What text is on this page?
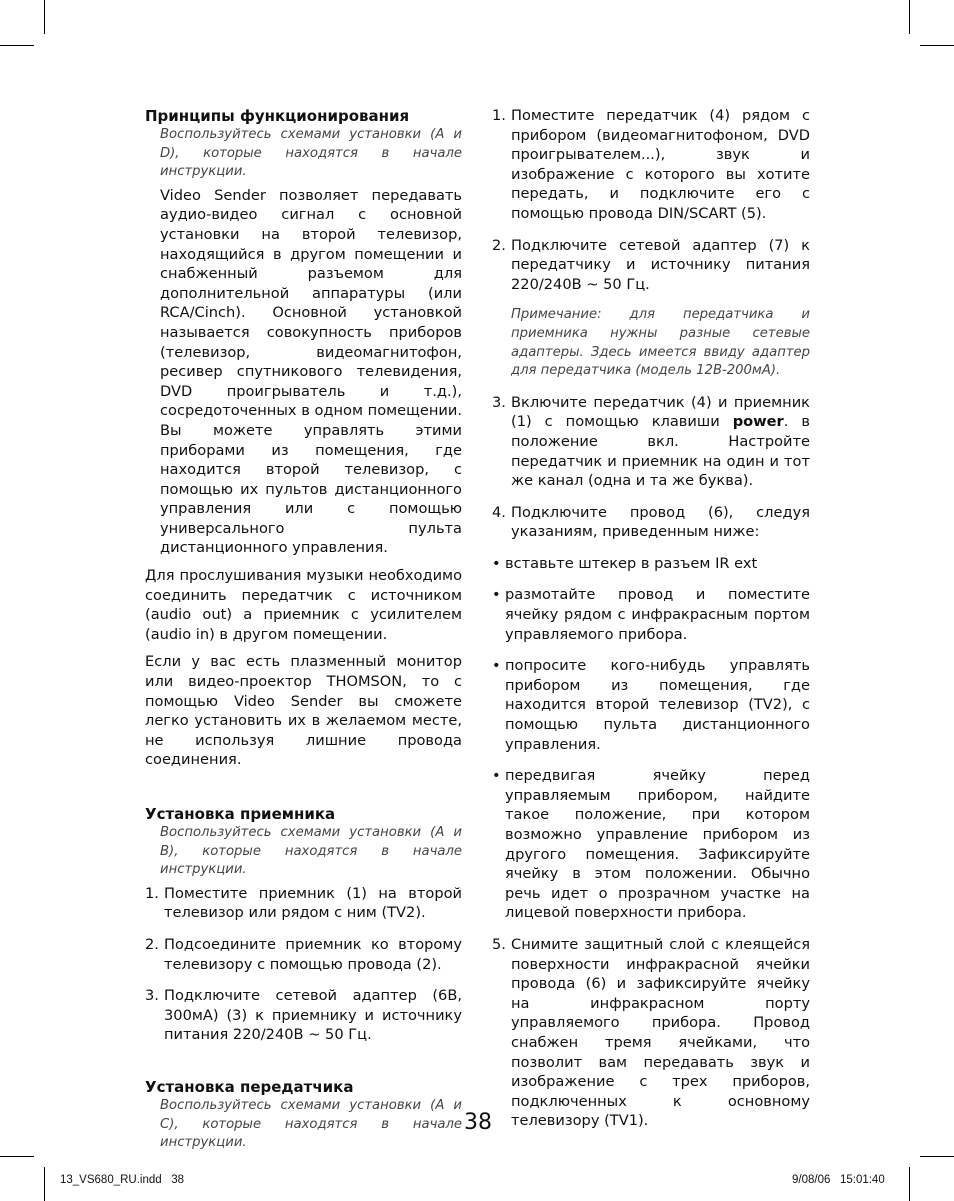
Принципы функционирования

Воспользуйтесь схемами установки (A и D), которые находятся в начале инструкции.

Video Sender позволяет передавать аудио-видео сигнал с основной установки на второй телевизор, находящийся в другом помещении и снабженный разъемом для дополнительной аппаратуры (или RCA/Cinch). Основной установкой называется совокупность приборов (телевизор, видеомагнитофон, ресивер спутникового телевидения, DVD проигрыватель и т.д.), сосредоточенных в одном помещении. Вы можете управлять этими приборами из помещения, где находится второй телевизор, с помощью их пультов дистанционного управления или с помощью универсального пульта дистанционного управления.

Для прослушивания музыки необходимо соединить передатчик с источником (audio out) а приемник с усилителем (audio in) в другом помещении.

Если у вас есть плазменный монитор или видео-проектор THOMSON, то с помощью Video Sender вы сможете легко установить их в желаемом месте, не используя лишние провода соединения.

Установка приемника

Воспользуйтесь схемами установки (A и B), которые находятся в начале инструкции.

1. Поместите приемник (1) на второй телевизор или рядом с ним (TV2).
2. Подсоедините приемник ко второму телевизору с помощью провода (2).
3. Подключите сетевой адаптер (6В, 300мА) (3) к приемнику и источнику питания 220/240В ~ 50 Гц.
Установка передатчика

Воспользуйтесь схемами установки (A и C), которые находятся в начале инструкции.

1. Поместите передатчик (4) рядом с прибором (видеомагнитофоном, DVD проигрывателем...), звук и изображение с которого вы хотите передать, и подключите его с помощью провода DIN/SCART (5).
2. Подключите сетевой адаптер (7) к передатчику и источнику питания 220/240В ~ 50 Гц.

Примечание: для передатчика и приемника нужны разные сетевые адаптеры. Здесь имеется ввиду адаптер для передатчика (модель 12В-200мА).

3. Включите передатчик (4) и приемник (1) с помощью клавиши power. в положение вкл. Настройте передатчик и приемник на один и тот же канал (одна и та же буква).
4. Подключите провод (6), следуя указаниям, приведенным ниже:
• вставьте штекер в разъем IR ext
• размотайте провод и поместите ячейку рядом с инфракрасным портом управляемого прибора.
• попросите кого-нибудь управлять прибором из помещения, где находится второй телевизор (TV2), с помощью пульта дистанционного управления.
• передвигая ячейку перед управляемым прибором, найдите такое положение, при котором возможно управление прибором из другого помещения. Зафиксируйте ячейку в этом положении. Обычно речь идет о прозрачном участке на лицевой поверхности прибора.
5. Снимите защитный слой с клеящейся поверхности инфракрасной ячейки провода (6) и зафиксируйте ячейку на инфракрасном порту управляемого прибора. Провод снабжен тремя ячейками, что позволит вам передавать звук и изображение с трех приборов, подключенных к основному телевизору (TV1).
38
13_VS680_RU.indd   38	9/08/06   15:01:40
